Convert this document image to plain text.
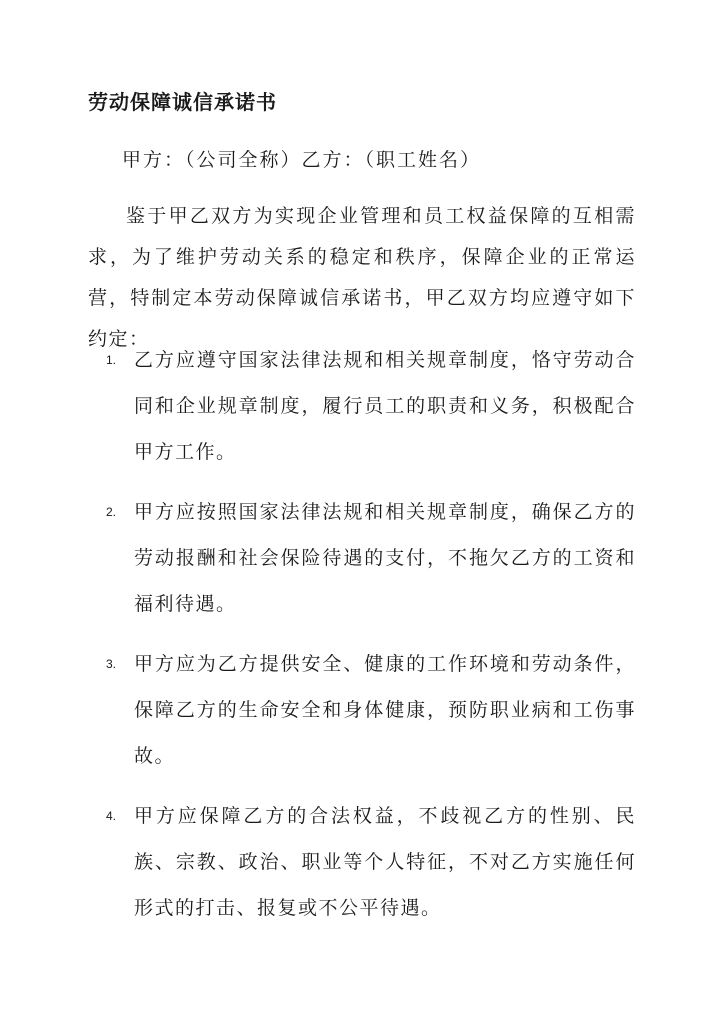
劳动保障诚信承诺书
甲方：（公司全称）乙方：（职工姓名）
鉴于甲乙双方为实现企业管理和员工权益保障的互相需求，为了维护劳动关系的稳定和秩序，保障企业的正常运营，特制定本劳动保障诚信承诺书，甲乙双方均应遵守如下约定：
1. 乙方应遵守国家法律法规和相关规章制度，恪守劳动合同和企业规章制度，履行员工的职责和义务，积极配合甲方工作。
2. 甲方应按照国家法律法规和相关规章制度，确保乙方的劳动报酬和社会保险待遇的支付，不拖欠乙方的工资和福利待遇。
3. 甲方应为乙方提供安全、健康的工作环境和劳动条件，保障乙方的生命安全和身体健康，预防职业病和工伤事故。
4. 甲方应保障乙方的合法权益，不歧视乙方的性别、民族、宗教、政治、职业等个人特征，不对乙方实施任何形式的打击、报复或不公平待遇。
